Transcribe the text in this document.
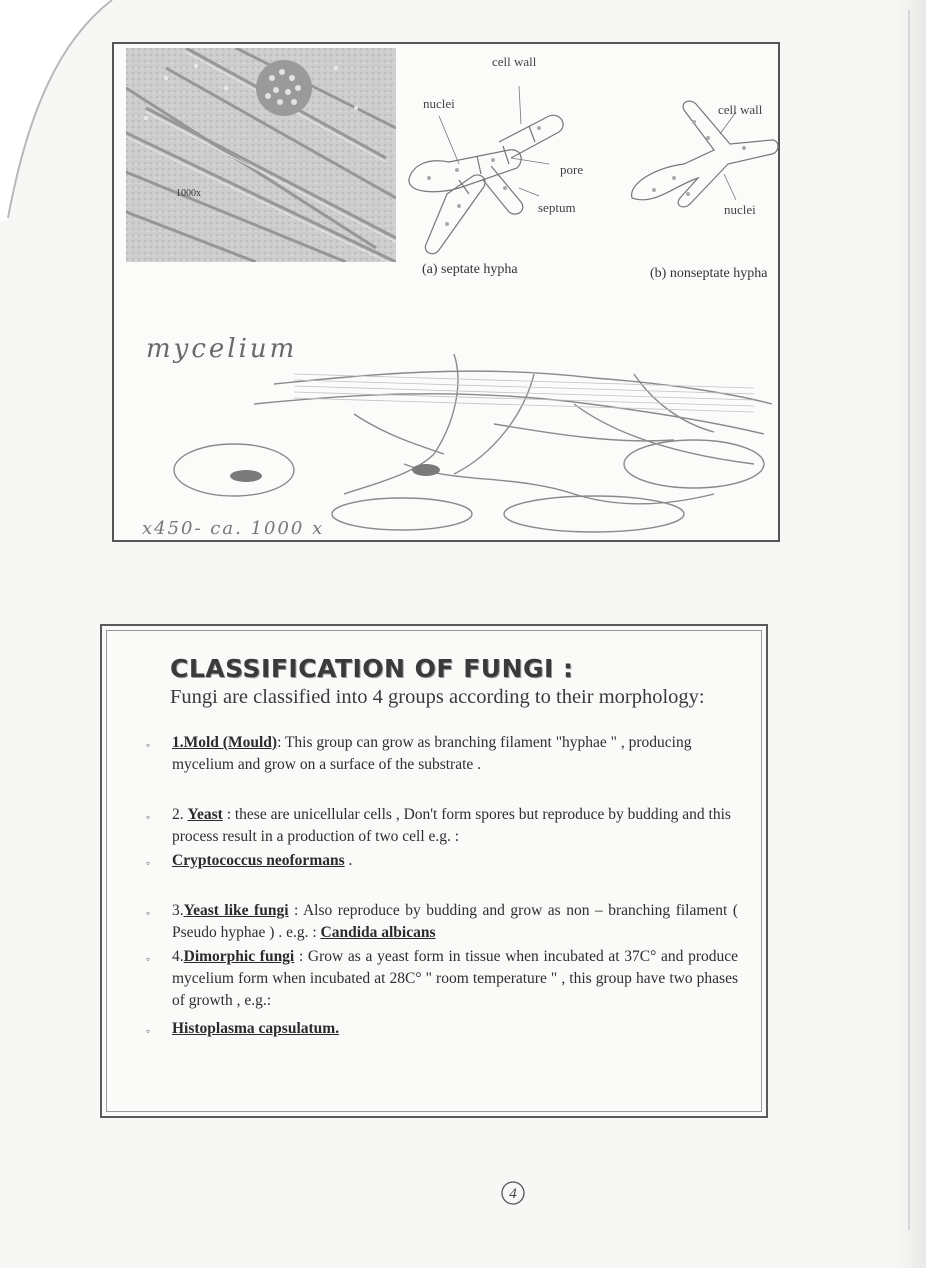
1000x
cell wall
nuclei
pore
septum
(a) septate hypha
cell wall
nuclei
(b) nonseptate hypha
mycelium
x450- ca. 1000 x
CLASSIFICATION OF FUNGI :
Fungi are classified into 4 groups according to their morphology:
◦ 1.Mold (Mould): This group can grow as branching filament "hyphae " , producing mycelium and grow on a surface of the substrate .
◦ 2. Yeast : these are unicellular cells , Don't form spores but reproduce by budding and this process result in a production of two cell e.g. :
◦ Cryptococcus neoformans .
◦ 3.Yeast like fungi : Also reproduce by budding and grow as non – branching filament ( Pseudo hyphae ) . e.g. : Candida albicans
◦ 4.Dimorphic fungi : Grow as a yeast form in tissue when incubated at 37C° and produce mycelium form when incubated at 28C° " room temperature " , this group have two phases of growth , e.g.:
◦ Histoplasma capsulatum.
4
